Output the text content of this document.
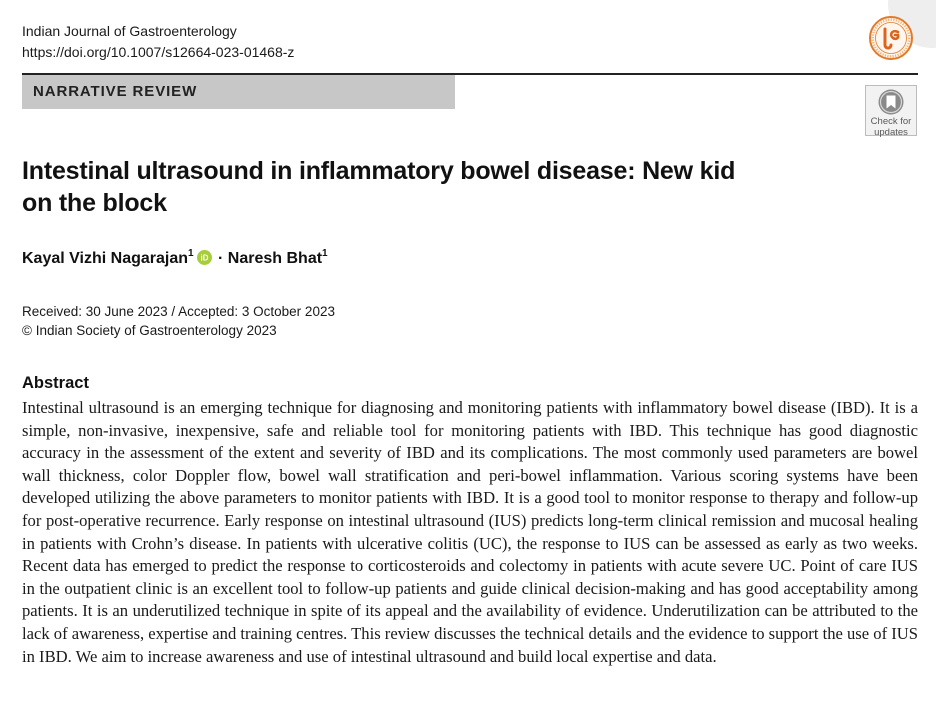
Indian Journal of Gastroenterology
https://doi.org/10.1007/s12664-023-01468-z
NARRATIVE REVIEW
Check for
updates
Intestinal ultrasound in inflammatory bowel disease: New kid on the block
Kayal Vizhi Nagarajan$^1$ iD · Naresh Bhat$^1$
Received: 30 June 2023 / Accepted: 3 October 2023
© Indian Society of Gastroenterology 2023
Abstract

Intestinal ultrasound is an emerging technique for diagnosing and monitoring patients with inflammatory bowel disease (IBD). It is a simple, non-invasive, inexpensive, safe and reliable tool for monitoring patients with IBD. This technique has good diagnostic accuracy in the assessment of the extent and severity of IBD and its complications. The most commonly used parameters are bowel wall thickness, color Doppler flow, bowel wall stratification and peri-bowel inflammation. Various scoring systems have been developed utilizing the above parameters to monitor patients with IBD. It is a good tool to monitor response to therapy and follow-up for post-operative recurrence. Early response on intestinal ultrasound (IUS) predicts long-term clinical remission and mucosal healing in patients with Crohn’s disease. In patients with ulcerative colitis (UC), the response to IUS can be assessed as early as two weeks. Recent data has emerged to predict the response to corticosteroids and colectomy in patients with acute severe UC. Point of care IUS in the outpatient clinic is an excellent tool to follow-up patients and guide clinical decision-making and has good acceptability among patients. It is an underutilized technique in spite of its appeal and the availability of evidence. Underutilization can be attributed to the lack of awareness, expertise and training centres. This review discusses the technical details and the evidence to support the use of IUS in IBD. We aim to increase awareness and use of intestinal ultrasound and build local expertise and data.
